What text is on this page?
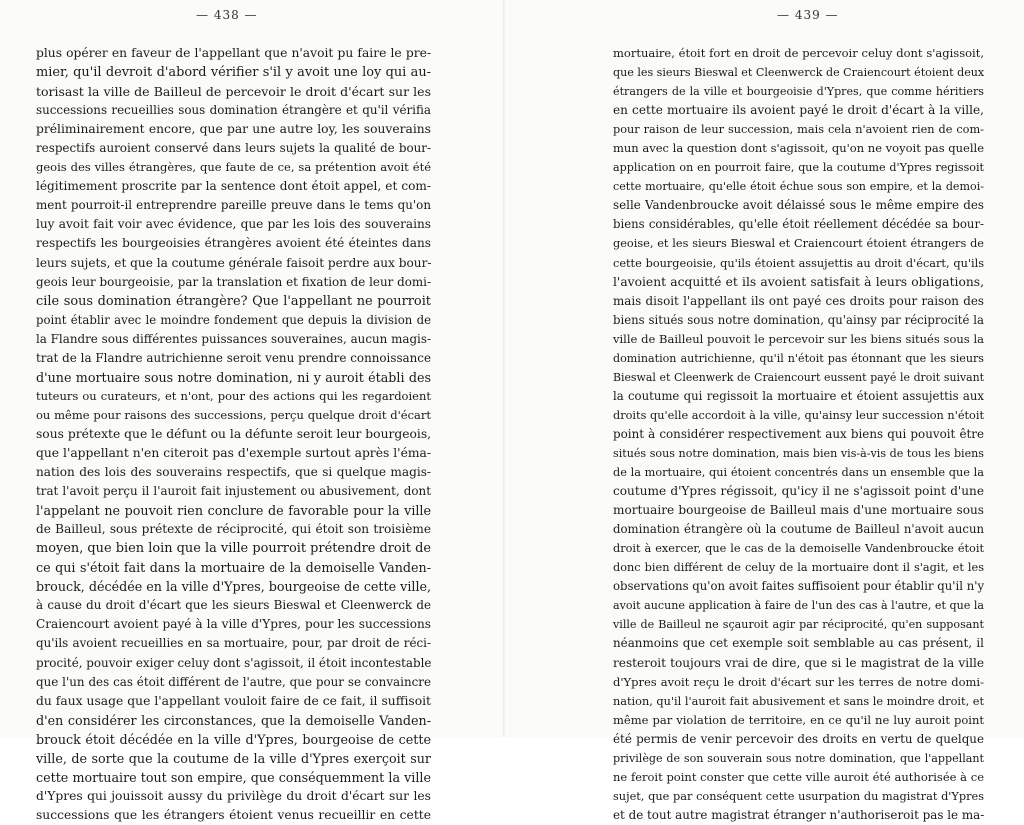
— 438 —
plus opérer en faveur de l'appellant que n'avoit pu faire le pre-
mier, qu'il devroit d'abord vérifier s'il y avoit une loy qui au-
torisast la ville de Bailleul de percevoir le droit d'écart sur les
successions recueillies sous domination étrangère et qu'il vérifia
préliminairement encore, que par une autre loy, les souverains
respectifs auroient conservé dans leurs sujets la qualité de bour-
geois des villes étrangères, que faute de ce, sa prétention avoit été
légitimement proscrite par la sentence dont étoit appel, et com-
ment pourroit-il entreprendre pareille preuve dans le tems qu'on
luy avoit fait voir avec évidence, que par les lois des souverains
respectifs les bourgeoisies étrangères avoient été éteintes dans
leurs sujets, et que la coutume générale faisoit perdre aux bour-
geois leur bourgeoisie, par la translation et fixation de leur domi-
cile sous domination étrangère? Que l'appellant ne pourroit
point établir avec le moindre fondement que depuis la division de
la Flandre sous différentes puissances souveraines, aucun magis-
trat de la Flandre autrichienne seroit venu prendre connoissance
d'une mortuaire sous notre domination, ni y auroit établi des
tuteurs ou curateurs, et n'ont, pour des actions qui les regardoient
ou même pour raisons des successions, perçu quelque droit d'écart
sous prétexte que le défunt ou la défunte seroit leur bourgeois,
que l'appellant n'en citeroit pas d'exemple surtout après l'éma-
nation des lois des souverains respectifs, que si quelque magis-
trat l'avoit perçu il l'auroit fait injustement ou abusivement, dont
l'appelant ne pouvoit rien conclure de favorable pour la ville
de Bailleul, sous prétexte de réciprocité, qui étoit son troisième
moyen, que bien loin que la ville pourroit prétendre droit de
ce qui s'étoit fait dans la mortuaire de la demoiselle Vanden-
brouck, décédée en la ville d'Ypres, bourgeoise de cette ville,
à cause du droit d'écart que les sieurs Bieswal et Cleenwerck de
Craiencourt avoient payé à la ville d'Ypres, pour les successions
qu'ils avoient recueillies en sa mortuaire, pour, par droit de réci-
procité, pouvoir exiger celuy dont s'agissoit, il étoit incontestable
que l'un des cas étoit différent de l'autre, que pour se convaincre
du faux usage que l'appellant vouloit faire de ce fait, il suffisoit
d'en considérer les circonstances, que la demoiselle Vanden-
brouck étoit décédée en la ville d'Ypres, bourgeoise de cette
ville, de sorte que la coutume de la ville d'Ypres exerçoit sur
cette mortuaire tout son empire, que conséquemment la ville
d'Ypres qui jouissoit aussy du privilège du droit d'écart sur les
successions que les étrangers étoient venus recueillir en cette
— 439 —
mortuaire, étoit fort en droit de percevoir celuy dont s'agissoit,
que les sieurs Bieswal et Cleenwerck de Craiencourt étoient deux
étrangers de la ville et bourgeoisie d'Ypres, que comme héritiers
en cette mortuaire ils avoient payé le droit d'écart à la ville,
pour raison de leur succession, mais cela n'avoient rien de com-
mun avec la question dont s'agissoit, qu'on ne voyoit pas quelle
application on en pourroit faire, que la coutume d'Ypres regissoit
cette mortuaire, qu'elle étoit échue sous son empire, et la demoi-
selle Vandenbroucke avoit délaissé sous le même empire des
biens considérables, qu'elle étoit réellement décédée sa bour-
geoise, et les sieurs Bieswal et Craiencourt étoient étrangers de
cette bourgeoisie, qu'ils étoient assujettis au droit d'écart, qu'ils
l'avoient acquitté et ils avoient satisfait à leurs obligations,
mais disoit l'appellant ils ont payé ces droits pour raison des
biens situés sous notre domination, qu'ainsy par réciprocité la
ville de Bailleul pouvoit le percevoir sur les biens situés sous la
domination autrichienne, qu'il n'étoit pas étonnant que les sieurs
Bieswal et Cleenwerk de Craiencourt eussent payé le droit suivant
la coutume qui regissoit la mortuaire et étoient assujettis aux
droits qu'elle accordoit à la ville, qu'ainsy leur succession n'étoit
point à considérer respectivement aux biens qui pouvoit être
situés sous notre domination, mais bien vis-à-vis de tous les biens
de la mortuaire, qui étoient concentrés dans un ensemble que la
coutume d'Ypres régissoit, qu'icy il ne s'agissoit point d'une
mortuaire bourgeoise de Bailleul mais d'une mortuaire sous
domination étrangère où la coutume de Bailleul n'avoit aucun
droit à exercer, que le cas de la demoiselle Vandenbroucke étoit
donc bien différent de celuy de la mortuaire dont il s'agit, et les
observations qu'on avoit faites suffisoient pour établir qu'il n'y
avoit aucune application à faire de l'un des cas à l'autre, et que la
ville de Bailleul ne sçauroit agir par réciprocité, qu'en supposant
néanmoins que cet exemple soit semblable au cas présent, il
resteroit toujours vrai de dire, que si le magistrat de la ville
d'Ypres avoit reçu le droit d'écart sur les terres de notre domi-
nation, qu'il l'auroit fait abusivement et sans le moindre droit, et
même par violation de territoire, en ce qu'il ne luy auroit point
été permis de venir percevoir des droits en vertu de quelque
privilège de son souverain sous notre domination, que l'appellant
ne feroit point conster que cette ville auroit été authorisée à ce
sujet, que par conséquent cette usurpation du magistrat d'Ypres
et de tout autre magistrat étranger n'authoriseroit pas le ma-
